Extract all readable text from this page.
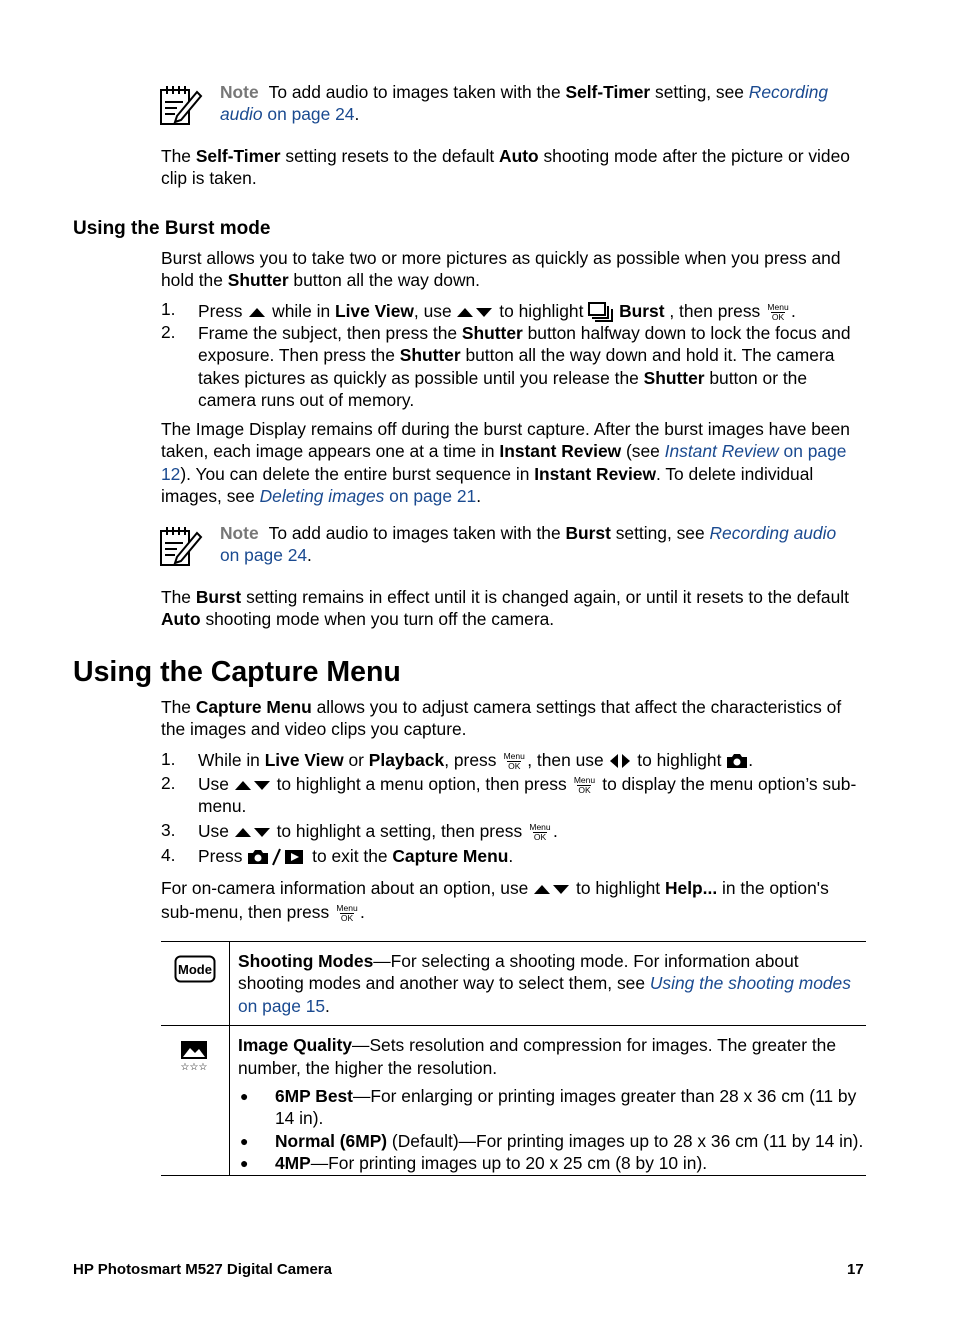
Note To add audio to images taken with the Self-Timer setting, see Recording audio on page 24.
The Self-Timer setting resets to the default Auto shooting mode after the picture or video clip is taken.
Using the Burst mode
Burst allows you to take two or more pictures as quickly as possible when you press and hold the Shutter button all the way down.
1. Press  while in Live View, use  to highlight  Burst , then press Menu
OK .
2. Frame the subject, then press the Shutter button halfway down to lock the focus and exposure. Then press the Shutter button all the way down and hold it. The camera takes pictures as quickly as possible until you release the Shutter button or the camera runs out of memory.
The Image Display remains off during the burst capture. After the burst images have been taken, each image appears one at a time in Instant Review (see Instant Review on page 12). You can delete the entire burst sequence in Instant Review. To delete individual images, see Deleting images on page 21.
Note To add audio to images taken with the Burst setting, see Recording audio on page 24.
The Burst setting remains in effect until it is changed again, or until it resets to the default Auto shooting mode when you turn off the camera.
Using the Capture Menu
The Capture Menu allows you to adjust camera settings that affect the characteristics of the images and video clips you capture.
1. While in Live View or Playback, press Menu
OK , then use  to highlight .
2. Use  to highlight a menu option, then press Menu
OK to display the menu option’s sub-menu.
3. Use  to highlight a setting, then press Menu
OK .
4. Press	to exit the Capture Menu.
For on-camera information about an option, use  to highlight Help... in the option's sub-menu, then press Menu
OK .
Mode	Shooting Modes—For selecting a shooting mode. For information about shooting modes and another way to select them, see Using the shooting modes on page 15.

☆☆☆	Image Quality—Sets resolution and compression for images. The greater the number, the higher the resolution.
● 6MP Best—For enlarging or printing images greater than 28 x 36 cm (11 by 14 in).
● Normal (6MP) (Default)—For printing images up to 28 x 36 cm (11 by 14 in).
● 4MP—For printing images up to 20 x 25 cm (8 by 10 in).
HP Photosmart M527 Digital Camera	17
